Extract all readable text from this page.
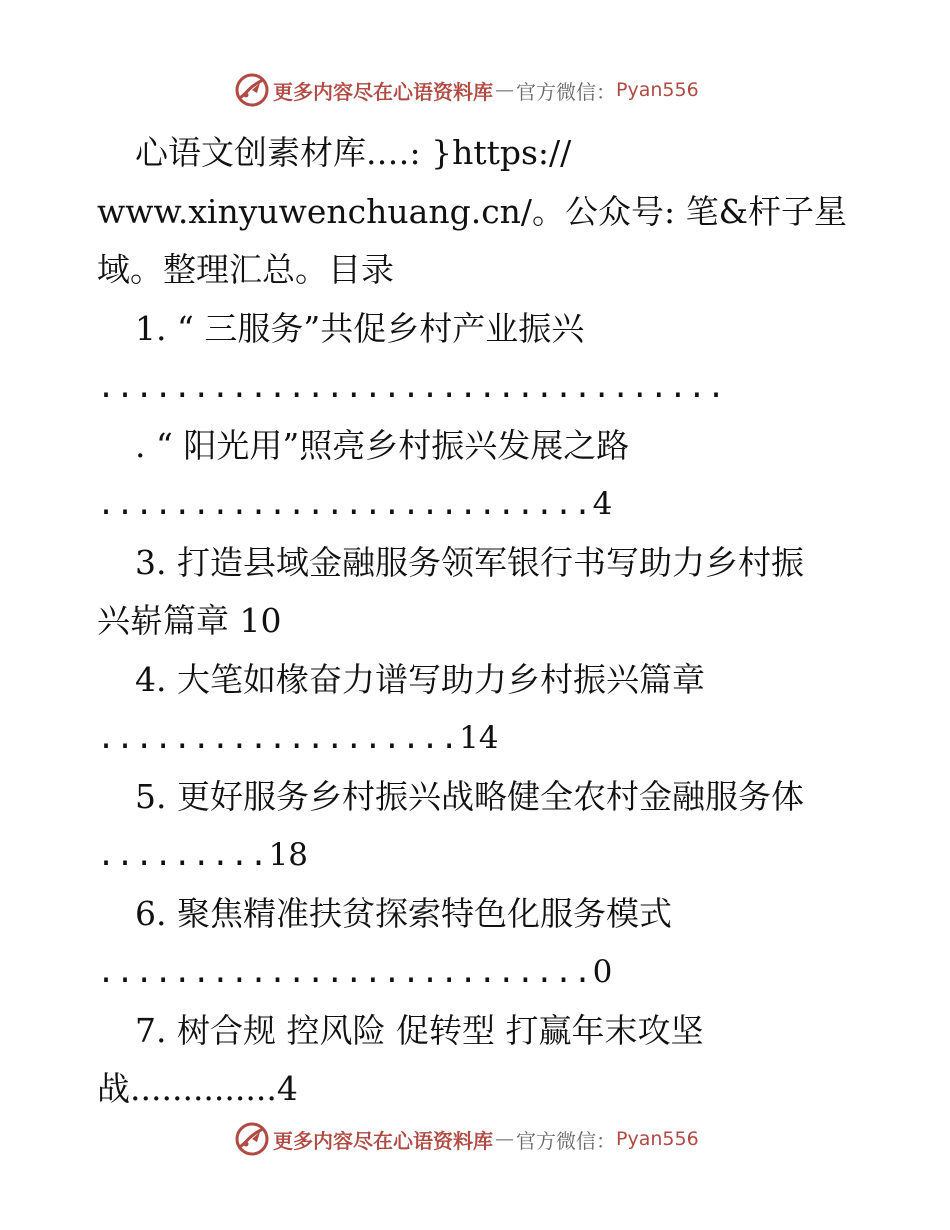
更多内容尽在心语资料库 — 官方微信： Pyan556
心语文创素材库.…: }https://
www.xinyuwenchuang.cn/。公众号: 笔&杆子星
域。整理汇总。目录
1. “ 三服务”共促乡村产业振兴
.................................
. “ 阳光用”照亮乡村振兴发展之路
..........................4
3. 打造县域金融服务领军银行书写助力乡村振
兴崭篇章 10
4. 大笔如椽奋力谱写助力乡村振兴篇章
...................14
5. 更好服务乡村振兴战略健全农村金融服务体
.........18
6. 聚焦精准扶贫探索特色化服务模式
..........................0
7. 树合规 控风险 促转型 打赢年末攻坚
战..............4
更多内容尽在心语资料库 — 官方微信： Pyan556
